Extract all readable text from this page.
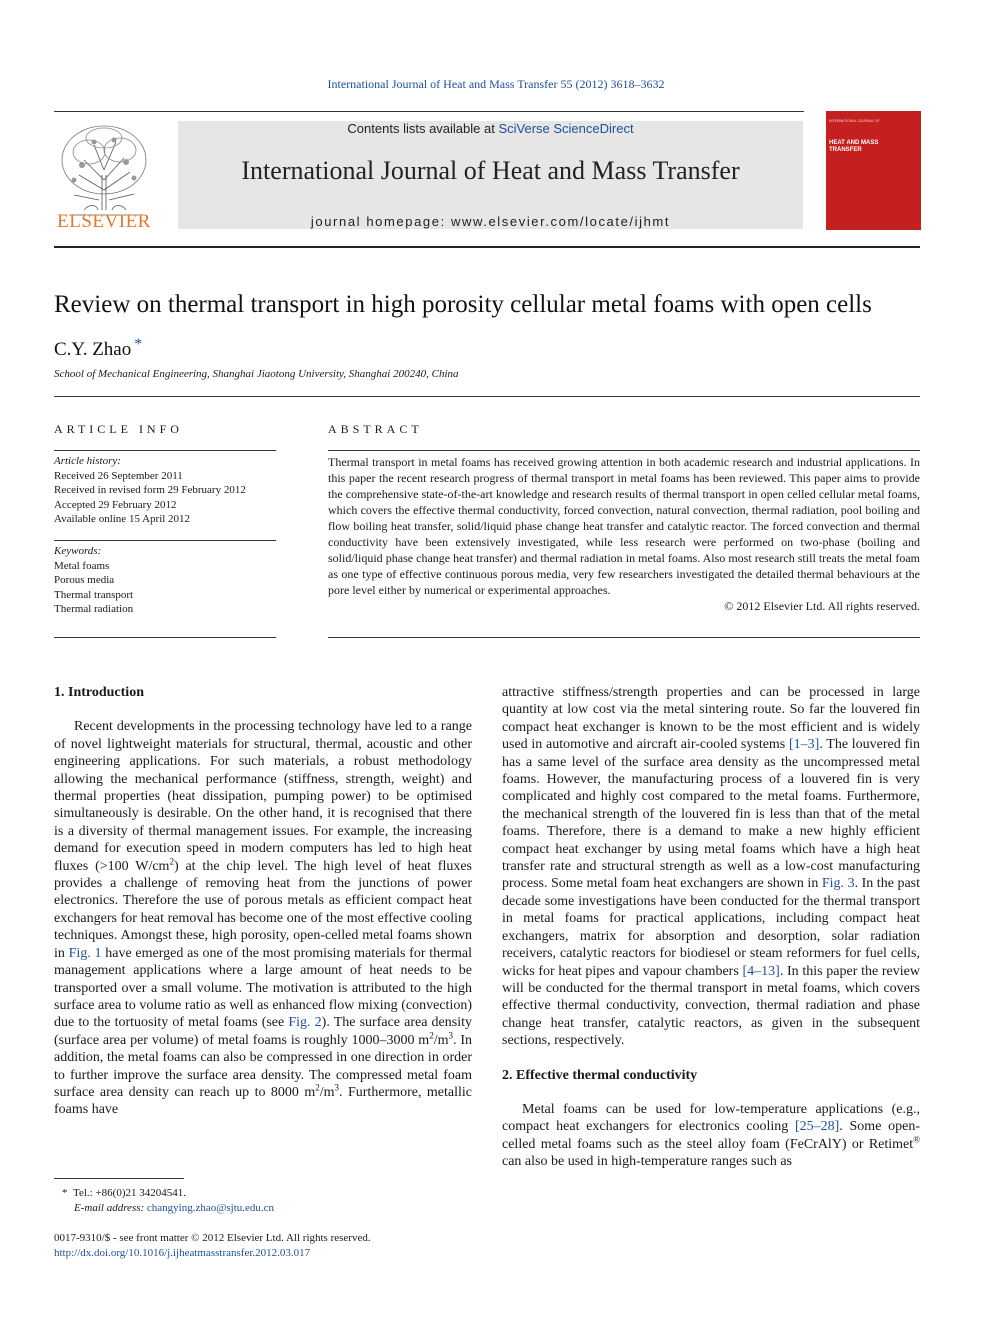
International Journal of Heat and Mass Transfer 55 (2012) 3618–3632
ELSEVIER
Contents lists available at SciVerse ScienceDirect
International Journal of Heat and Mass Transfer
journal homepage: www.elsevier.com/locate/ijhmt
INTERNATIONAL JOURNAL OF
HEAT AND MASS TRANSFER
Review on thermal transport in high porosity cellular metal foams with open cells
C.Y. Zhao *
School of Mechanical Engineering, Shanghai Jiaotong University, Shanghai 200240, China
ARTICLE INFO
Article history:
Received 26 September 2011
Received in revised form 29 February 2012
Accepted 29 February 2012
Available online 15 April 2012
Keywords:
Metal foams
Porous media
Thermal transport
Thermal radiation
ABSTRACT
Thermal transport in metal foams has received growing attention in both academic research and industrial applications. In this paper the recent research progress of thermal transport in metal foams has been reviewed. This paper aims to provide the comprehensive state-of-the-art knowledge and research results of thermal transport in open celled cellular metal foams, which covers the effective thermal conductivity, forced convection, natural convection, thermal radiation, pool boiling and flow boiling heat transfer, solid/liquid phase change heat transfer and catalytic reactor. The forced convection and thermal conductivity have been extensively investigated, while less research were performed on two-phase (boiling and solid/liquid phase change heat transfer) and thermal radiation in metal foams. Also most research still treats the metal foam as one type of effective continuous porous media, very few researchers investigated the detailed thermal behaviours at the pore level either by numerical or experimental approaches.
© 2012 Elsevier Ltd. All rights reserved.
1. Introduction

Recent developments in the processing technology have led to a range of novel lightweight materials for structural, thermal, acoustic and other engineering applications. For such materials, a robust methodology allowing the mechanical performance (stiffness, strength, weight) and thermal properties (heat dissipation, pumping power) to be optimised simultaneously is desirable. On the other hand, it is recognised that there is a diversity of thermal management issues. For example, the increasing demand for execution speed in modern computers has led to high heat fluxes (>100 $W/cm^2$) at the chip level. The high level of heat fluxes provides a challenge of removing heat from the junctions of power electronics. Therefore the use of porous metals as efficient compact heat exchangers for heat removal has become one of the most effective cooling techniques. Amongst these, high porosity, open-celled metal foams shown in Fig. 1 have emerged as one of the most promising materials for thermal management applications where a large amount of heat needs to be transported over a small volume. The motivation is attributed to the high surface area to volume ratio as well as enhanced flow mixing (convection) due to the tortuosity of metal foams (see Fig. 2). The surface area density (surface area per volume) of metal foams is roughly 1000–3000 $m^2/m^3$. In addition, the metal foams can also be compressed in one direction in order to further improve the surface area density. The compressed metal foam surface area density can reach up to 8000 $m^2/m^3$. Furthermore, metallic foams have

attractive stiffness/strength properties and can be processed in large quantity at low cost via the metal sintering route. So far the louvered fin compact heat exchanger is known to be the most efficient and is widely used in automotive and aircraft air-cooled systems [1–3]. The louvered fin has a same level of the surface area density as the uncompressed metal foams. However, the manufacturing process of a louvered fin is very complicated and highly cost compared to the metal foams. Furthermore, the mechanical strength of the louvered fin is less than that of the metal foams. Therefore, there is a demand to make a new highly efficient compact heat exchanger by using metal foams which have a high heat transfer rate and structural strength as well as a low-cost manufacturing process. Some metal foam heat exchangers are shown in Fig. 3. In the past decade some investigations have been conducted for the thermal transport in metal foams for practical applications, including compact heat exchangers, matrix for absorption and desorption, solar radiation receivers, catalytic reactors for biodiesel or steam reformers for fuel cells, wicks for heat pipes and vapour chambers [4–13]. In this paper the review will be conducted for the thermal transport in metal foams, which covers effective thermal conductivity, convection, thermal radiation and phase change heat transfer, catalytic reactors, as given in the subsequent sections, respectively.

2. Effective thermal conductivity

Metal foams can be used for low-temperature applications (e.g., compact heat exchangers for electronics cooling [25–28]. Some open-celled metal foams such as the steel alloy foam (FeCrAlY) or Retimet® can also be used in high-temperature ranges such as

* Tel.: +86(0)21 34204541.
E-mail address: changying.zhao@sjtu.edu.cn
0017-9310/$ - see front matter © 2012 Elsevier Ltd. All rights reserved.
http://dx.doi.org/10.1016/j.ijheatmasstransfer.2012.03.017
